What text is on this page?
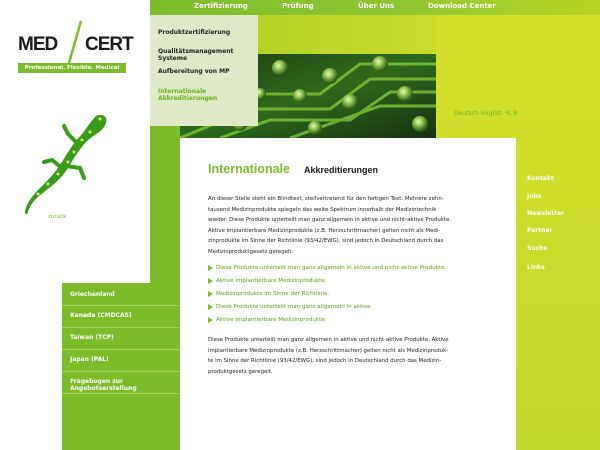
Zertifizierung	Prüfung	Über Uns	Download Center
MED CERT
Professional. Flexible. Medical Only
Produktzertifizierung
Qualitätsmanagement Systeme
Aufbereitung von MP
Internationale Akkreditierungen
Deutsch English *L B
zurück
Griechenland
Kanada (CMDCAS)
Taiwan (TCP)
Japan (PAL)
Fragebogen zur Angebotserstellung
Internationale Akkreditierungen
An dieser Stelle steht ein Blindtext, stellvertretend für den fertigen Text. Mehrere zehn-
tausend Medizinprodukte spiegeln das weite Spektrum innerhalb der Medizintechnik
wieder. Diese Produkte unterteilt man ganz allgemein in aktive und nicht-aktive Produkte.
Aktive implantierbare Medizinprodukte (z.B. Herzschrittmacher) gelten nicht als Medi-
zinprodukte im Sinne der Richtlinie (93/42/EWG), sind jedoch in Deutschland durch das
Medizinproduktgesetz geregelt.
Diese Produkte unterteilt man ganz allgemein in aktive und nicht-aktive Produkte.
Aktive implantierbare Medizinprodukte
Medizinprodukte im Sinne der Richtlinie.
Diese Produkte unterteilt man ganz allgemein in aktive
Aktive implantierbare Medizinprodukte
Diese Produkte unterteilt man ganz allgemein in aktive und nicht-aktive Produkte. Aktive
implantierbare Medizinprodukte (z.B. Herzschrittmacher) gelten nicht als Medizinproduk-
te im Sinne der Richtlinie (93/42/EWG), sind jedoch in Deutschland durch das Medizin-
produktgesetz geregelt.
Kontakt
Jobs
Newsletter
Partner
Suche
Links
